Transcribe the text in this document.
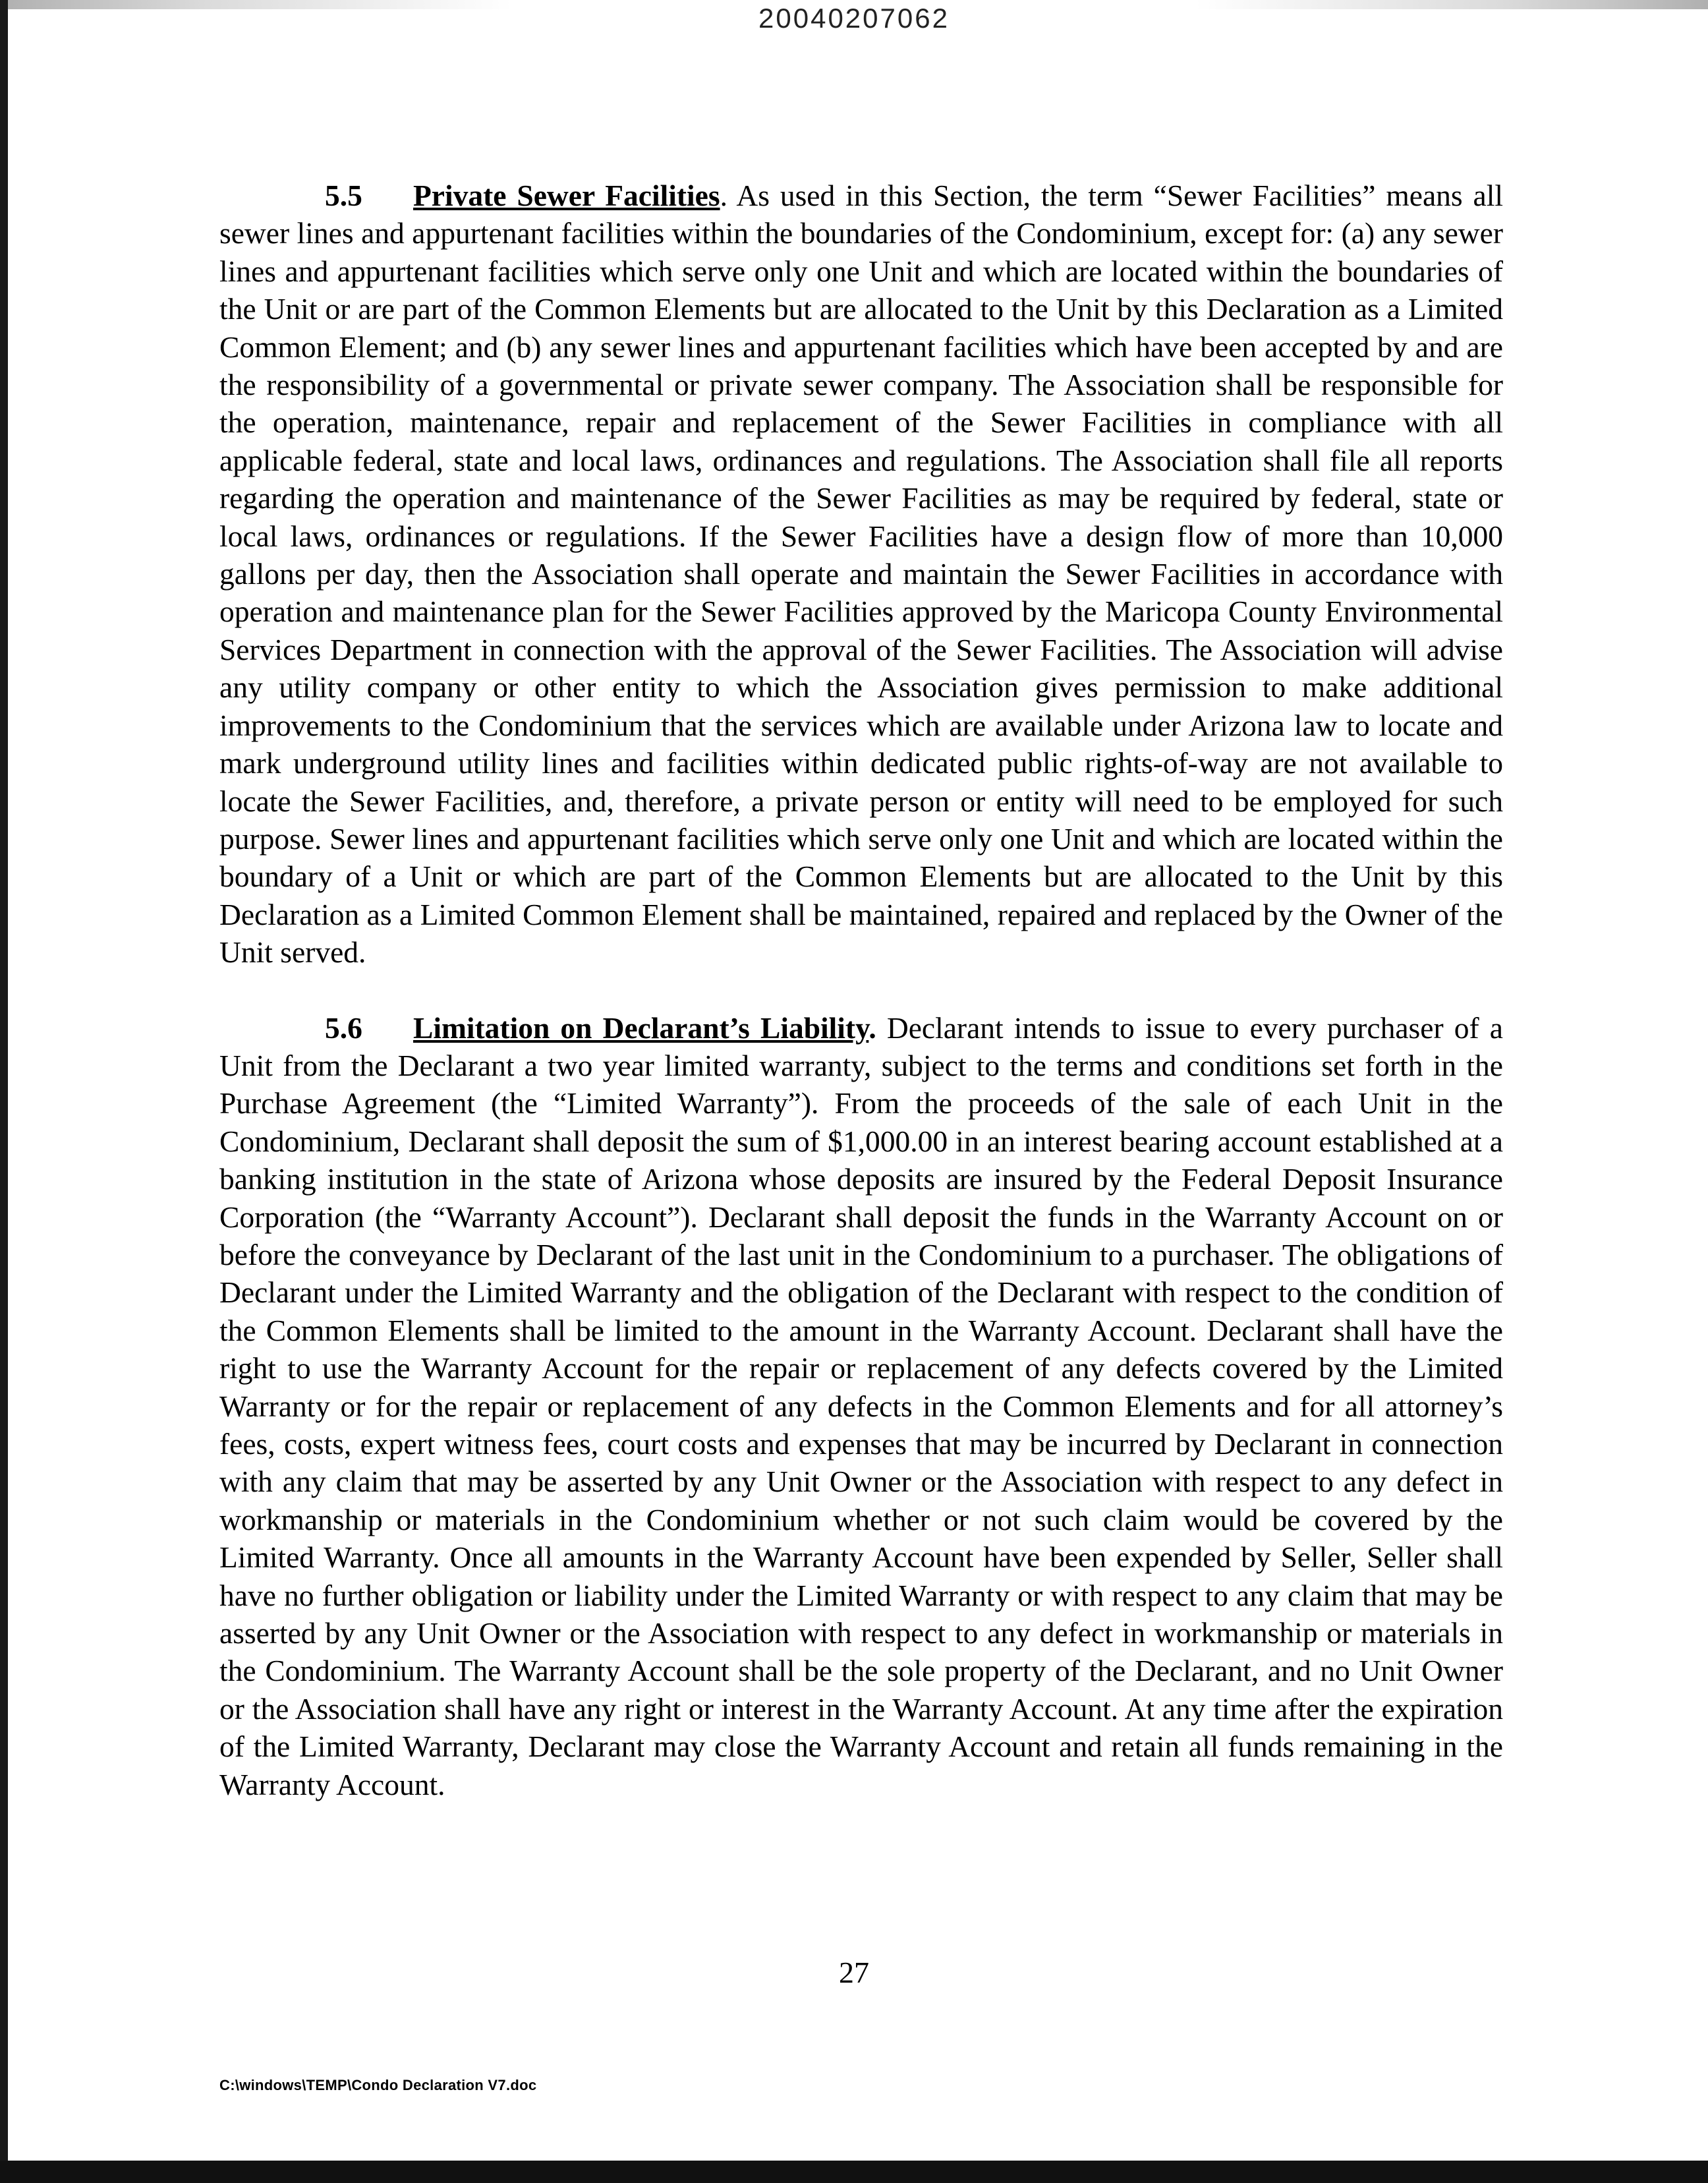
20040207062

5.5 Private Sewer Facilities. As used in this Section, the term “Sewer Facilities” means all sewer lines and appurtenant facilities within the boundaries of the Condominium, except for: (a) any sewer lines and appurtenant facilities which serve only one Unit and which are located within the boundaries of the Unit or are part of the Common Elements but are allocated to the Unit by this Declaration as a Limited Common Element; and (b) any sewer lines and appurtenant facilities which have been accepted by and are the responsibility of a governmental or private sewer company. The Association shall be responsible for the operation, maintenance, repair and replacement of the Sewer Facilities in compliance with all applicable federal, state and local laws, ordinances and regulations. The Association shall file all reports regarding the operation and maintenance of the Sewer Facilities as may be required by federal, state or local laws, ordinances or regulations. If the Sewer Facilities have a design flow of more than 10,000 gallons per day, then the Association shall operate and maintain the Sewer Facilities in accordance with operation and maintenance plan for the Sewer Facilities approved by the Maricopa County Environmental Services Department in connection with the approval of the Sewer Facilities. The Association will advise any utility company or other entity to which the Association gives permission to make additional improvements to the Condominium that the services which are available under Arizona law to locate and mark underground utility lines and facilities within dedicated public rights-of-way are not available to locate the Sewer Facilities, and, therefore, a private person or entity will need to be employed for such purpose. Sewer lines and appurtenant facilities which serve only one Unit and which are located within the boundary of a Unit or which are part of the Common Elements but are allocated to the Unit by this Declaration as a Limited Common Element shall be maintained, repaired and replaced by the Owner of the Unit served.

5.6 Limitation on Declarant’s Liability. Declarant intends to issue to every purchaser of a Unit from the Declarant a two year limited warranty, subject to the terms and conditions set forth in the Purchase Agreement (the “Limited Warranty”). From the proceeds of the sale of each Unit in the Condominium, Declarant shall deposit the sum of $1,000.00 in an interest bearing account established at a banking institution in the state of Arizona whose deposits are insured by the Federal Deposit Insurance Corporation (the “Warranty Account”). Declarant shall deposit the funds in the Warranty Account on or before the conveyance by Declarant of the last unit in the Condominium to a purchaser. The obligations of Declarant under the Limited Warranty and the obligation of the Declarant with respect to the condition of the Common Elements shall be limited to the amount in the Warranty Account. Declarant shall have the right to use the Warranty Account for the repair or replacement of any defects covered by the Limited Warranty or for the repair or replacement of any defects in the Common Elements and for all attorney’s fees, costs, expert witness fees, court costs and expenses that may be incurred by Declarant in connection with any claim that may be asserted by any Unit Owner or the Association with respect to any defect in workmanship or materials in the Condominium whether or not such claim would be covered by the Limited Warranty. Once all amounts in the Warranty Account have been expended by Seller, Seller shall have no further obligation or liability under the Limited Warranty or with respect to any claim that may be asserted by any Unit Owner or the Association with respect to any defect in workmanship or materials in the Condominium. The Warranty Account shall be the sole property of the Declarant, and no Unit Owner or the Association shall have any right or interest in the Warranty Account. At any time after the expiration of the Limited Warranty, Declarant may close the Warranty Account and retain all funds remaining in the Warranty Account.

27
C:\windows\TEMP\Condo Declaration V7.doc
